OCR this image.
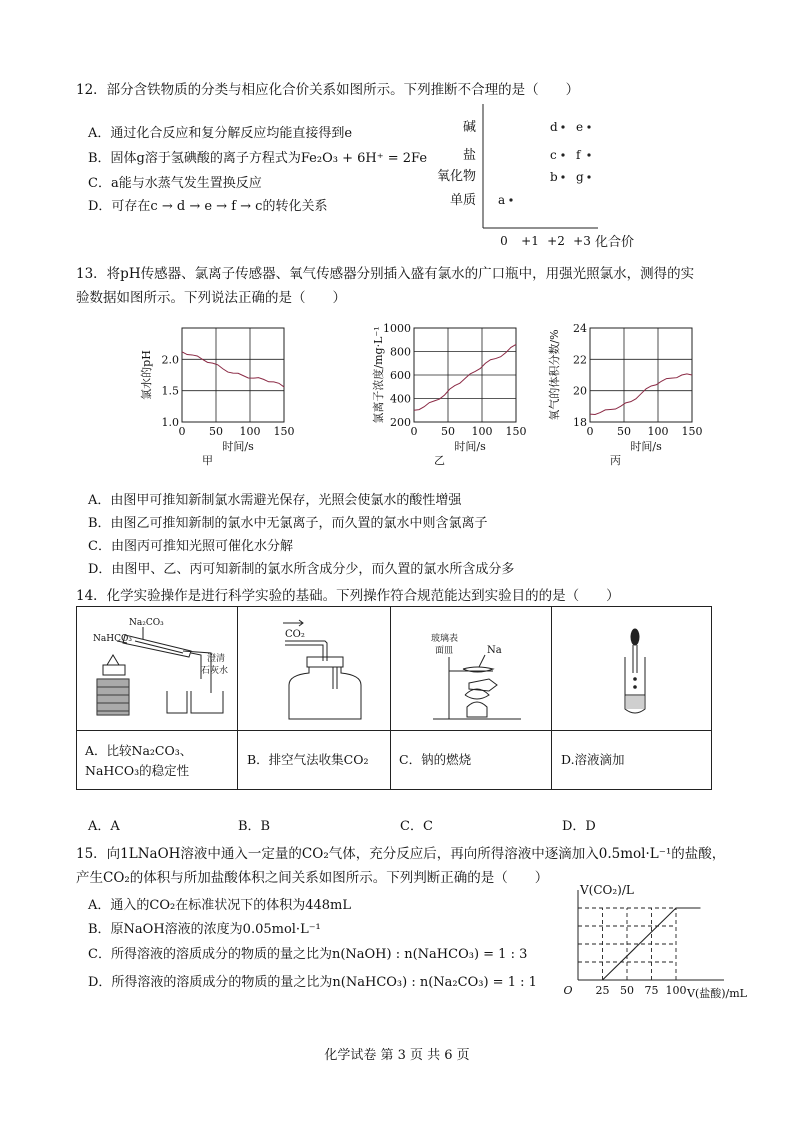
12．部分含铁物质的分类与相应化合价关系如图所示。下列推断不合理的是（　　）
A．通过化合反应和复分解反应均能直接得到e
B．固体g溶于氢碘酸的离子方程式为Fe₂O₃ + 6H⁺ = 2Fe
C．a能与水蒸气发生置换反应
D．可存在c → d → e → f → c的转化关系
碱
盐
氧化物
单质
0 +1 +2 +3 化合价
a
b
c
d e
f
g
13．将pH传感器、氯离子传感器、氧气传感器分别插入盛有氯水的广口瓶中，用强光照氯水，测得的实
验数据如图所示。下列说法正确的是（　　）
0 50 100 150
1.0
1.5
2.0
氯水的pH
时间/s
甲
0 50 100 150
200
400
600
800
1000
氯离子浓度/mg·L⁻¹
时间/s
乙
0 50 100 150
18
20
22
24
氧气的体积分数/%
时间/s
丙
A．由图甲可推知新制氯水需避光保存，光照会使氯水的酸性增强
B．由图乙可推知新制的氯水中无氯离子，而久置的氯水中则含氯离子
C．由图丙可推知光照可催化水分解
D．由图甲、乙、丙可知新制的氯水所含成分少，而久置的氯水所含成分多
14．化学实验操作是进行科学实验的基础。下列操作符合规范能达到实验目的的是（　　）
NaHCO₃
Na₂CO₃
澄清
石灰水
CO₂	玻璃表
面皿	Na
A．比较Na₂CO₃、NaHCO₃的稳定性
B．排空气法收集CO₂	C．钠的燃烧	D.溶液滴加
A．A	B．B	C．C	D．D
15．向1LNaOH溶液中通入一定量的CO₂气体，充分反应后，再向所得溶液中逐滴加入0.5mol·L⁻¹的盐酸，
产生CO₂的体积与所加盐酸体积之间关系如图所示。下列判断正确的是（　　）
A．通入的CO₂在标准状况下的体积为448mL
B．原NaOH溶液的浓度为0.05mol·L⁻¹
C．所得溶液的溶质成分的物质的量之比为n(NaOH) : n(NaHCO₃) = 1 : 3
D．所得溶液的溶质成分的物质的量之比为n(NaHCO₃) : n(Na₂CO₃) = 1 : 1
V(CO₂)/L
O 25 50 75 100 V(盐酸)/mL
化学试卷 第 3 页 共 6 页
